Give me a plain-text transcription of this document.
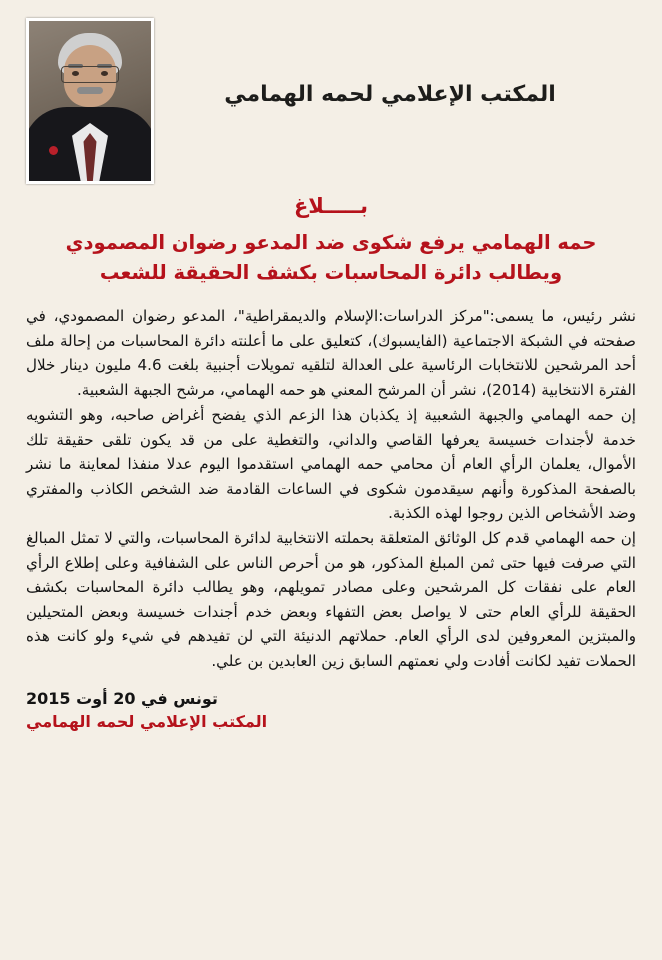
المكتب الإعلامي لحمه الهمامي
بـــــلاغ
حمه الهمامي يرفع شكوى ضد المدعو رضوان المصمودي
ويطالب دائرة المحاسبات بكشف الحقيقة للشعب

نشر رئيس، ما يسمى:"مركز الدراسات:الإسلام والديمقراطية"، المدعو رضوان المصمودي، في صفحته في الشبكة الاجتماعية (الفايسبوك)، كتعليق على ما أعلنته دائرة المحاسبات من إحالة ملف أحد المرشحين للانتخابات الرئاسية على العدالة لتلقيه تمويلات أجنبية بلغت 4.6 مليون دينار خلال الفترة الانتخابية (2014)، نشر أن المرشح المعني هو حمه الهمامي، مرشح الجبهة الشعبية.

إن حمه الهمامي والجبهة الشعبية إذ يكذبان هذا الزعم الذي يفضح أغراض صاحبه، وهو التشويه خدمة لأجندات خسيسة يعرفها القاصي والداني، والتغطية على من قد يكون تلقى حقيقة تلك الأموال، يعلمان الرأي العام أن محامي حمه الهمامي استقدموا اليوم عدلا منفذا لمعاينة ما نشر بالصفحة المذكورة وأنهم سيقدمون شكوى في الساعات القادمة ضد الشخص الكاذب والمفتري وضد الأشخاص الذين روجوا لهذه الكذبة.

إن حمه الهمامي قدم كل الوثائق المتعلقة بحملته الانتخابية لدائرة المحاسبات، والتي لا تمثل المبالغ التي صرفت فيها حتى ثمن المبلغ المذكور، هو من أحرص الناس على الشفافية وعلى إطلاع الرأي العام على نفقات كل المرشحين وعلى مصادر تمويلهم، وهو يطالب دائرة المحاسبات بكشف الحقيقة للرأي العام حتى لا يواصل بعض التفهاء وبعض خدم أجندات خسيسة وبعض المتحيلين والمبتزين المعروفين لدى الرأي العام. حملاتهم الدنيئة التي لن تفيدهم في شيء ولو كانت هذه الحملات تفيد لكانت أفادت ولي نعمتهم السابق زين العابدين بن علي.

تونس في 20 أوت 2015
المكتب الإعلامي لحمه الهمامي
